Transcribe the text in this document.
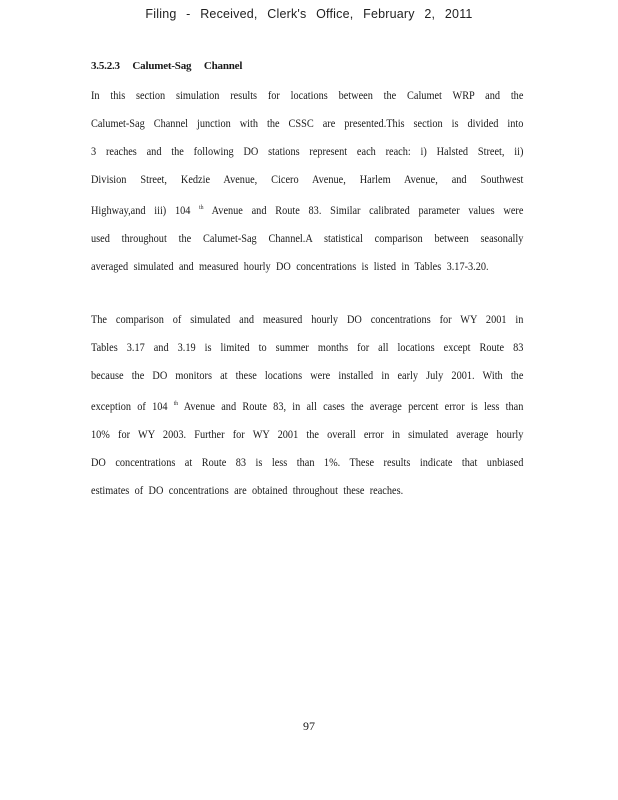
Filing - Received, Clerk's Office, February 2, 2011
3.5.2.3 Calumet-Sag Channel
In this section simulation results for locations between the Calumet WRP and the
Calumet-Sag Channel junction with the CSSC are presented.This section is divided into
3 reaches and the following DO stations represent each reach: i) Halsted Street, ii)
Division Street, Kedzie Avenue, Cicero Avenue, Harlem Avenue, and Southwest
Highway,and iii) 104 $^{th}$ Avenue and Route 83. Similar calibrated parameter values were
used throughout the Calumet-Sag Channel.A statistical comparison between seasonally
averaged simulated and measured hourly DO concentrations is listed in Tables 3.17-3.20.
The comparison of simulated and measured hourly DO concentrations for WY 2001 in
Tables 3.17 and 3.19 is limited to summer months for all locations except Route 83
because the DO monitors at these locations were installed in early July 2001. With the
exception of 104 $^{th}$ Avenue and Route 83, in all cases the average percent error is less than
10% for WY 2003. Further for WY 2001 the overall error in simulated average hourly
DO concentrations at Route 83 is less than 1%. These results indicate that unbiased
estimates of DO concentrations are obtained throughout these reaches.
97
